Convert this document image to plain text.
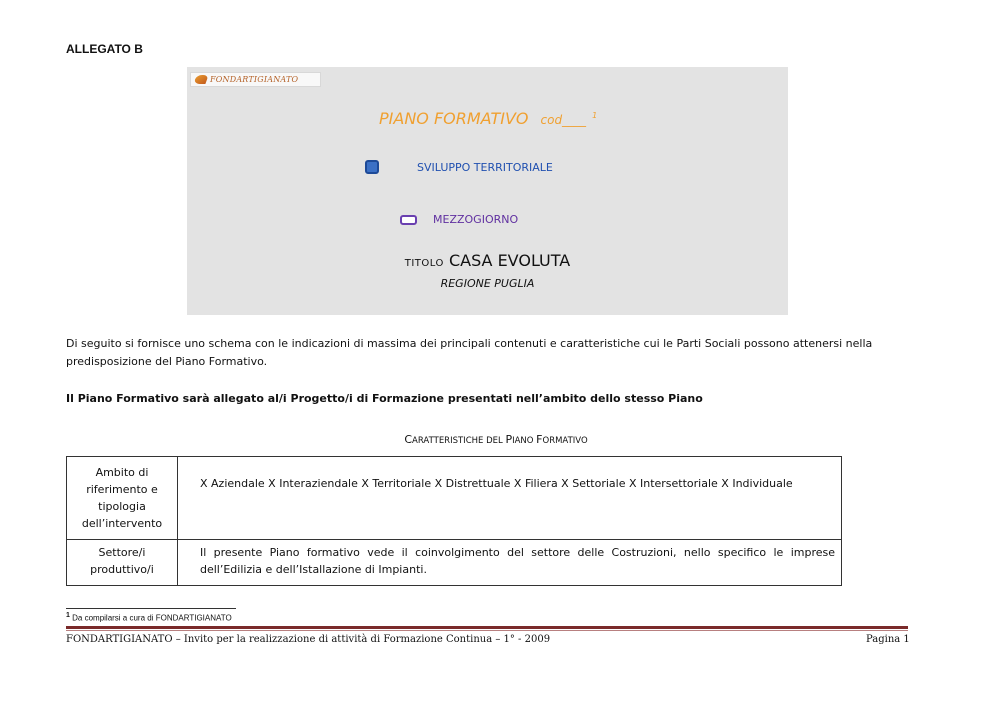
ALLEGATO B
FONDARTIGIANATO
PIANO FORMATIVO cod____ $^1$
SVILUPPO TERRITORIALE
MEZZOGIORNO
TITOLO CASA EVOLUTA
REGIONE PUGLIA
Di seguito si fornisce uno schema con le indicazioni di massima dei principali contenuti e caratteristiche cui le Parti Sociali possono attenersi nella predisposizione del Piano Formativo.
Il Piano Formativo sarà allegato al/i Progetto/i di Formazione presentati nell’ambito dello stesso Piano
CARATTERISTICHE DEL PIANO FORMATIVO
Ambito di riferimento e tipologia dell’intervento	X Aziendale X Interaziendale X Territoriale X Distrettuale X Filiera X Settoriale X Intersettoriale X Individuale
Settore/i produttivo/i	Il presente Piano formativo vede il coinvolgimento del settore delle Costruzioni, nello specifico le imprese dell’Edilizia e dell’Istallazione di Impianti.
$^1$ Da compilarsi a cura di FONDARTIGIANATO
FONDARTIGIANATO – Invito per la realizzazione di attività di Formazione Continua – 1° - 2009	Pagina 1
